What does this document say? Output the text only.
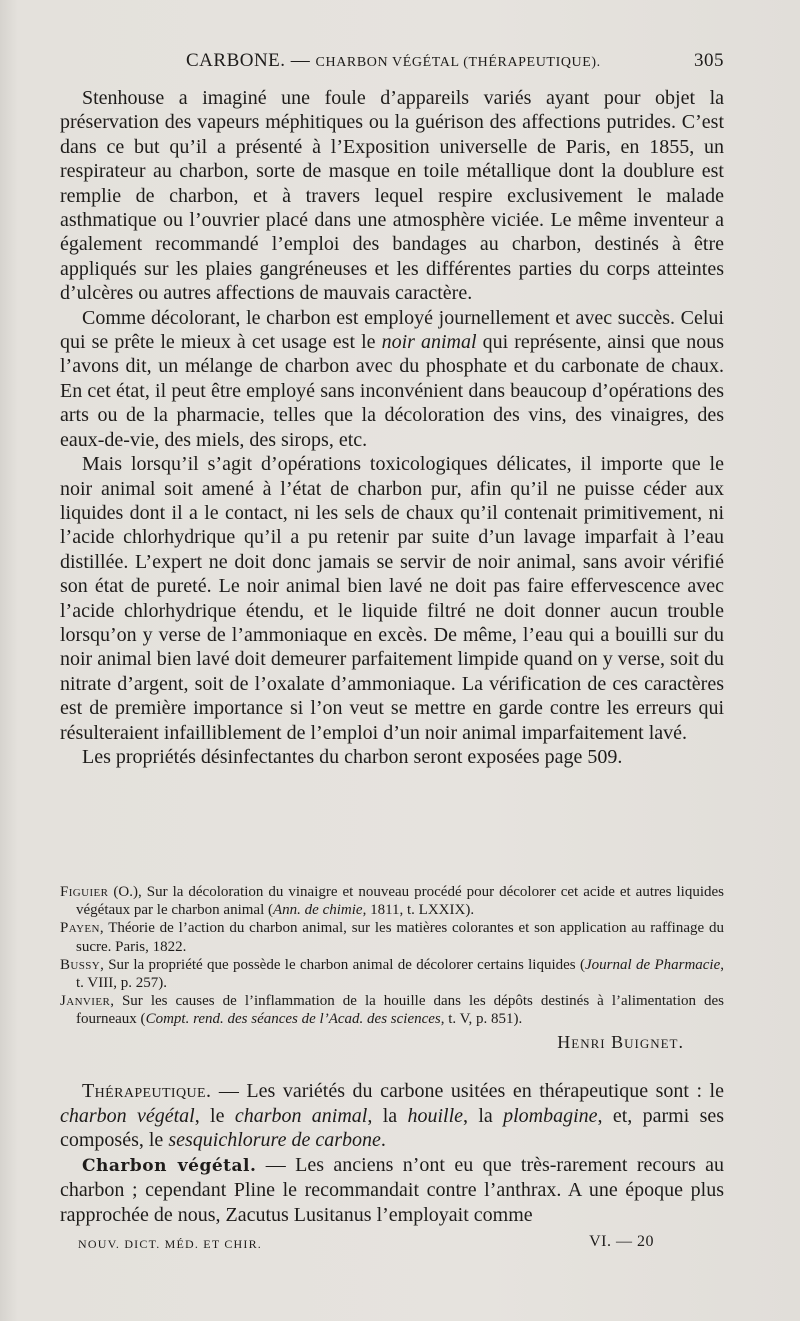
CARBONE. — CHARBON VÉGÉTAL (THÉRAPEUTIQUE).	305

Stenhouse a imaginé une foule d’appareils variés ayant pour objet la préservation des vapeurs méphitiques ou la guérison des affections putrides. C’est dans ce but qu’il a présenté à l’Exposition universelle de Paris, en 1855, un respirateur au charbon, sorte de masque en toile métallique dont la doublure est remplie de charbon, et à travers lequel respire exclusivement le malade asthmatique ou l’ouvrier placé dans une atmosphère viciée. Le même inventeur a également recommandé l’emploi des bandages au charbon, destinés à être appliqués sur les plaies gangréneuses et les différentes parties du corps atteintes d’ulcères ou autres affections de mauvais caractère.

Comme décolorant, le charbon est employé journellement et avec succès. Celui qui se prête le mieux à cet usage est le noir animal qui représente, ainsi que nous l’avons dit, un mélange de charbon avec du phosphate et du carbonate de chaux. En cet état, il peut être employé sans inconvénient dans beaucoup d’opérations des arts ou de la pharmacie, telles que la décoloration des vins, des vinaigres, des eaux-de-vie, des miels, des sirops, etc.

Mais lorsqu’il s’agit d’opérations toxicologiques délicates, il importe que le noir animal soit amené à l’état de charbon pur, afin qu’il ne puisse céder aux liquides dont il a le contact, ni les sels de chaux qu’il contenait primitivement, ni l’acide chlorhydrique qu’il a pu retenir par suite d’un lavage imparfait à l’eau distillée. L’expert ne doit donc jamais se servir de noir animal, sans avoir vérifié son état de pureté. Le noir animal bien lavé ne doit pas faire effervescence avec l’acide chlorhydrique étendu, et le liquide filtré ne doit donner aucun trouble lorsqu’on y verse de l’ammoniaque en excès. De même, l’eau qui a bouilli sur du noir animal bien lavé doit demeurer parfaitement limpide quand on y verse, soit du nitrate d’argent, soit de l’oxalate d’ammoniaque. La vérification de ces caractères est de première importance si l’on veut se mettre en garde contre les erreurs qui résulteraient infailliblement de l’emploi d’un noir animal imparfaitement lavé.

Les propriétés désinfectantes du charbon seront exposées page 509.

Figuier (O.), Sur la décoloration du vinaigre et nouveau procédé pour décolorer cet acide et autres liquides végétaux par le charbon animal (Ann. de chimie, 1811, t. LXXIX).

Payen, Théorie de l’action du charbon animal, sur les matières colorantes et son application au raffinage du sucre. Paris, 1822.

Bussy, Sur la propriété que possède le charbon animal de décolorer certains liquides (Journal de Pharmacie, t. VIII, p. 257).

Janvier, Sur les causes de l’inflammation de la houille dans les dépôts destinés à l’alimentation des fourneaux (Compt. rend. des séances de l’Acad. des sciences, t. V, p. 851).

Henri Buignet.

Thérapeutique. — Les variétés du carbone usitées en thérapeutique sont : le charbon végétal, le charbon animal, la houille, la plombagine, et, parmi ses composés, le sesquichlorure de carbone.

Charbon végétal. — Les anciens n’ont eu que très-rarement recours au charbon ; cependant Pline le recommandait contre l’anthrax. A une époque plus rapprochée de nous, Zacutus Lusitanus l’employait comme

NOUV. DICT. MÉD. ET CHIR.	VI. — 20
